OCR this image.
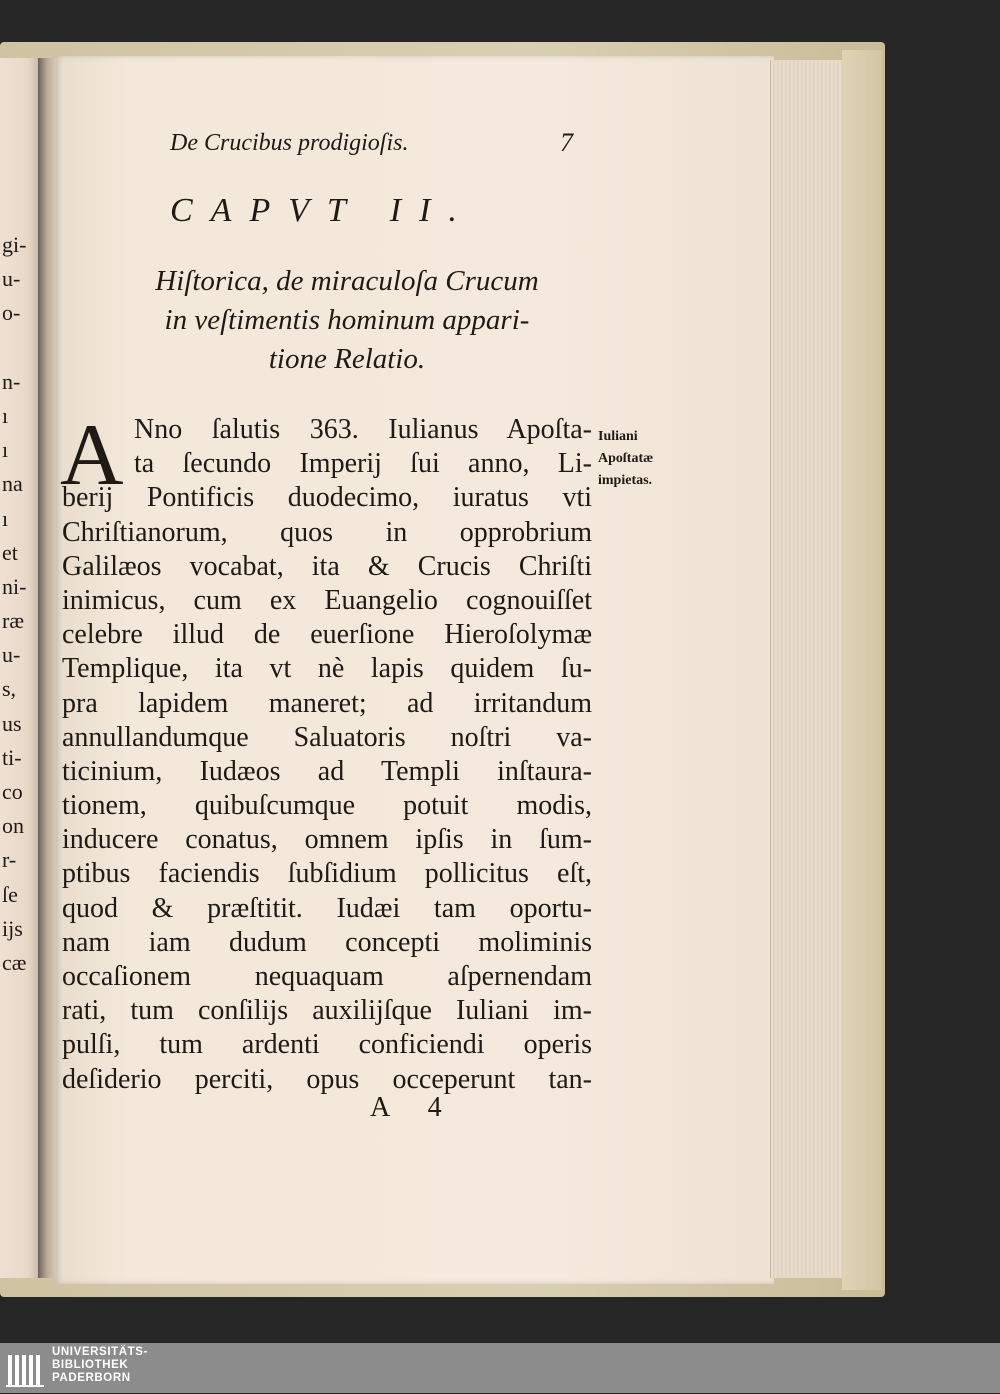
gi-
u-
o-
n-
ı
ı
na
ı
et
ni-
ræ
u-
s,
us
ti-
co
on
r-
ſe
ijs
cæ
De Crucibus prodigioſis.	7
CAPVT II.
Hiſtorica, de miraculoſa Crucum
in veſtimentis hominum appari-
tione Relatio.
A Nno ſalutis 363. Iulianus Apoſta-
ta ſecundo Imperij ſui anno, Li-
berij Pontificis duodecimo, iuratus vti
Chriſtianorum, quos in opprobrium
Galilæos vocabat, ita & Crucis Chriſti
inimicus, cum ex Euangelio cognouiſſet
celebre illud de euerſione Hieroſolymæ
Templique, ita vt nè lapis quidem ſu-
pra lapidem maneret; ad irritandum
annullandumque Saluatoris noſtri va-
ticinium, Iudæos ad Templi inſtaura-
tionem, quibuſcumque potuit modis,
inducere conatus, omnem ipſis in ſum-
ptibus faciendis ſubſidium pollicitus eſt,
quod & præſtitit. Iudæi tam oportu-
nam iam dudum concepti moliminis
occaſionem nequaquam aſpernendam
rati, tum conſilijs auxilijſque Iuliani im-
pulſi, tum ardenti conficiendi operis
deſiderio perciti, opus occeperunt tan-
Iuliani
Apoſtatæ
impietas.
A 4
UNIVERSITÄTS-
BIBLIOTHEK
PADERBORN
